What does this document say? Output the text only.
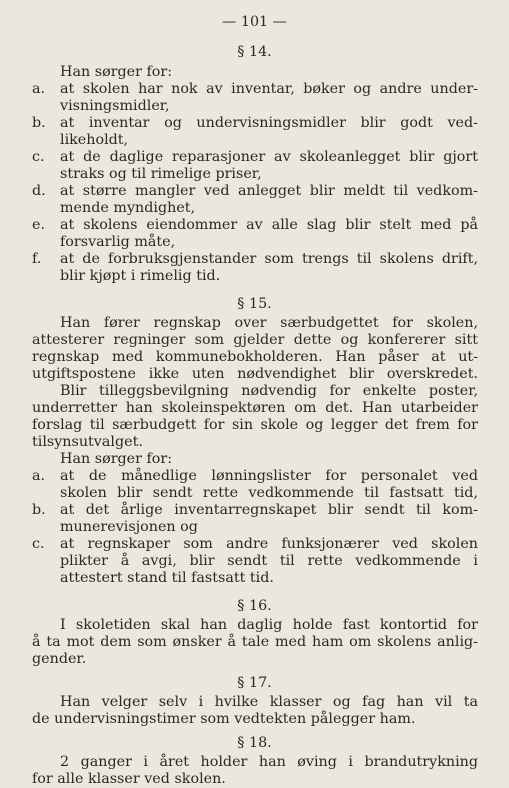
— 101 —
§ 14.
Han sørger for:
a. at skolen har nok av inventar, bøker og andre under-
visningsmidler,
b. at inventar og undervisningsmidler blir godt ved-
likeholdt,
c. at de daglige reparasjoner av skoleanlegget blir gjort
straks og til rimelige priser,
d. at større mangler ved anlegget blir meldt til vedkom-
mende myndighet,
e. at skolens eiendommer av alle slag blir stelt med på
forsvarlig måte,
f. at de forbruksgjenstander som trengs til skolens drift,
blir kjøpt i rimelig tid.
§ 15.
Han fører regnskap over særbudgettet for skolen,
attesterer regninger som gjelder dette og konfererer sitt
regnskap med kommunebokholderen. Han påser at ut-
utgiftspostene ikke uten nødvendighet blir overskredet.
Blir tilleggsbevilgning nødvendig for enkelte poster,
underretter han skoleinspektøren om det. Han utarbeider
forslag til særbudgett for sin skole og legger det frem for
tilsynsutvalget.
Han sørger for:
a. at de månedlige lønningslister for personalet ved
skolen blir sendt rette vedkommende til fastsatt tid,
b. at det årlige inventarregnskapet blir sendt til kom-
munerevisjonen og
c. at regnskaper som andre funksjonærer ved skolen
plikter å avgi, blir sendt til rette vedkommende i
attestert stand til fastsatt tid.
§ 16.
I skoletiden skal han daglig holde fast kontortid for
å ta mot dem som ønsker å tale med ham om skolens anlig-
gender.
§ 17.
Han velger selv i hvilke klasser og fag han vil ta
de undervisningstimer som vedtekten pålegger ham.
§ 18.
2 ganger i året holder han øving i brandutrykning
for alle klasser ved skolen.
